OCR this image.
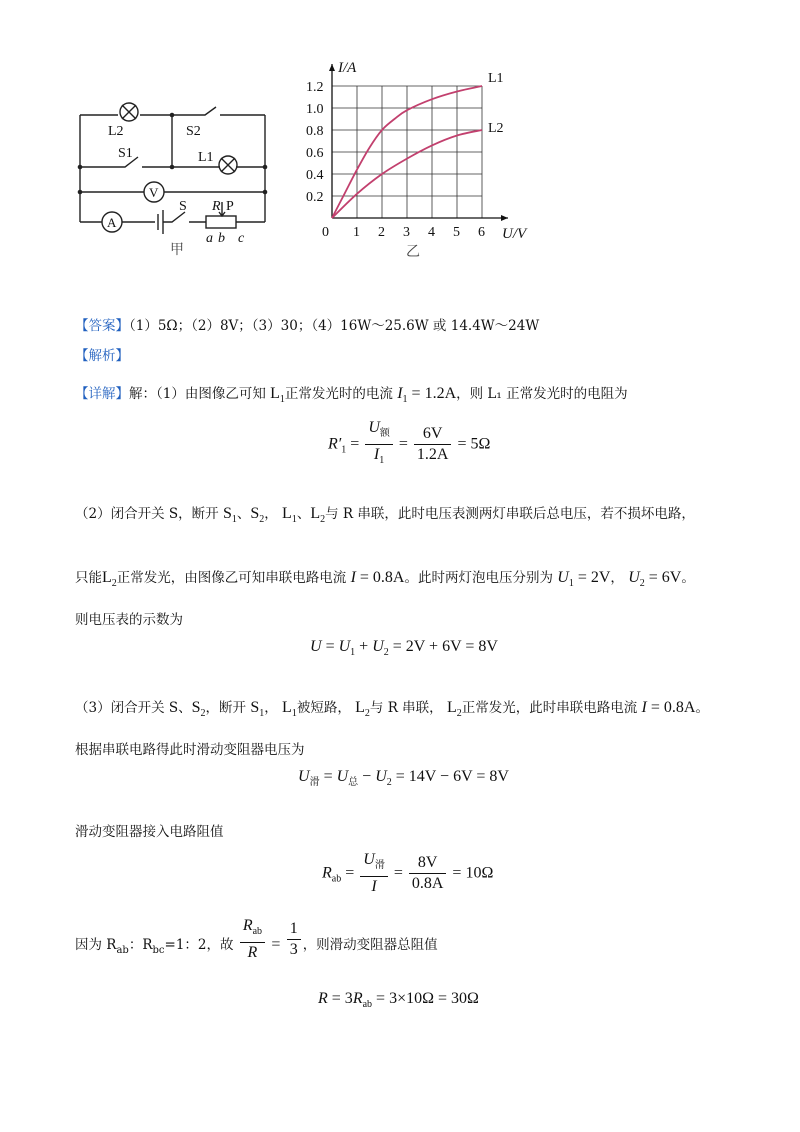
L2	S2
S1	L1
V
A
S R P
a b c
甲
0 1 2 3 4 5 6
0.2
0.4
0.6
0.8
1.0
1.2
U/V
I/A
L1
L2
乙
【答案】（1）5Ω；（2）8V；（3）30；（4）16W～25.6W 或 14.4W～24W
【解析】
【详解】解：（1）由图像乙可知 $L_1$正常发光时的电流 $I_1 = 1.2A$，则 L₁ 正常发光时的电阻为
$R'_1 = \frac{U_额}{I_1} = \frac{6V}{1.2A} = 5\Omega$
（2）闭合开关 S，断开 $S_1$、$S_2$， $L_1$、$L_2$与 R 串联，此时电压表测两灯串联后总电压，若不损坏电路，
只能$L_2$正常发光，由图像乙可知串联电路电流 I = 0.8A。此时两灯泡电压分别为 $U_1 = 2V$， $U_2 = 6V$。
则电压表的示数为
$U = U_1 + U_2 = 2V + 6V = 8V$
（3）闭合开关 S、$S_2$，断开 $S_1$， $L_1$被短路， $L_2$与 R 串联， $L_2$正常发光，此时串联电路电流 I = 0.8A。
根据串联电路得此时滑动变阻器电压为
$U_滑 = U_总 - U_2 = 14V - 6V = 8V$
滑动变阻器接入电路阻值
$R_{ab} = \frac{U_滑}{I} = \frac{8V}{0.8A} = 10\Omega$
因为 $R_{ab}$：$R_{bc}=1$：2，故 $\frac{R_{ab}}{R} = \frac{1}{3}$ ，则滑动变阻器总阻值
$R = 3R_{ab} = 3\times 10\Omega = 30\Omega$
